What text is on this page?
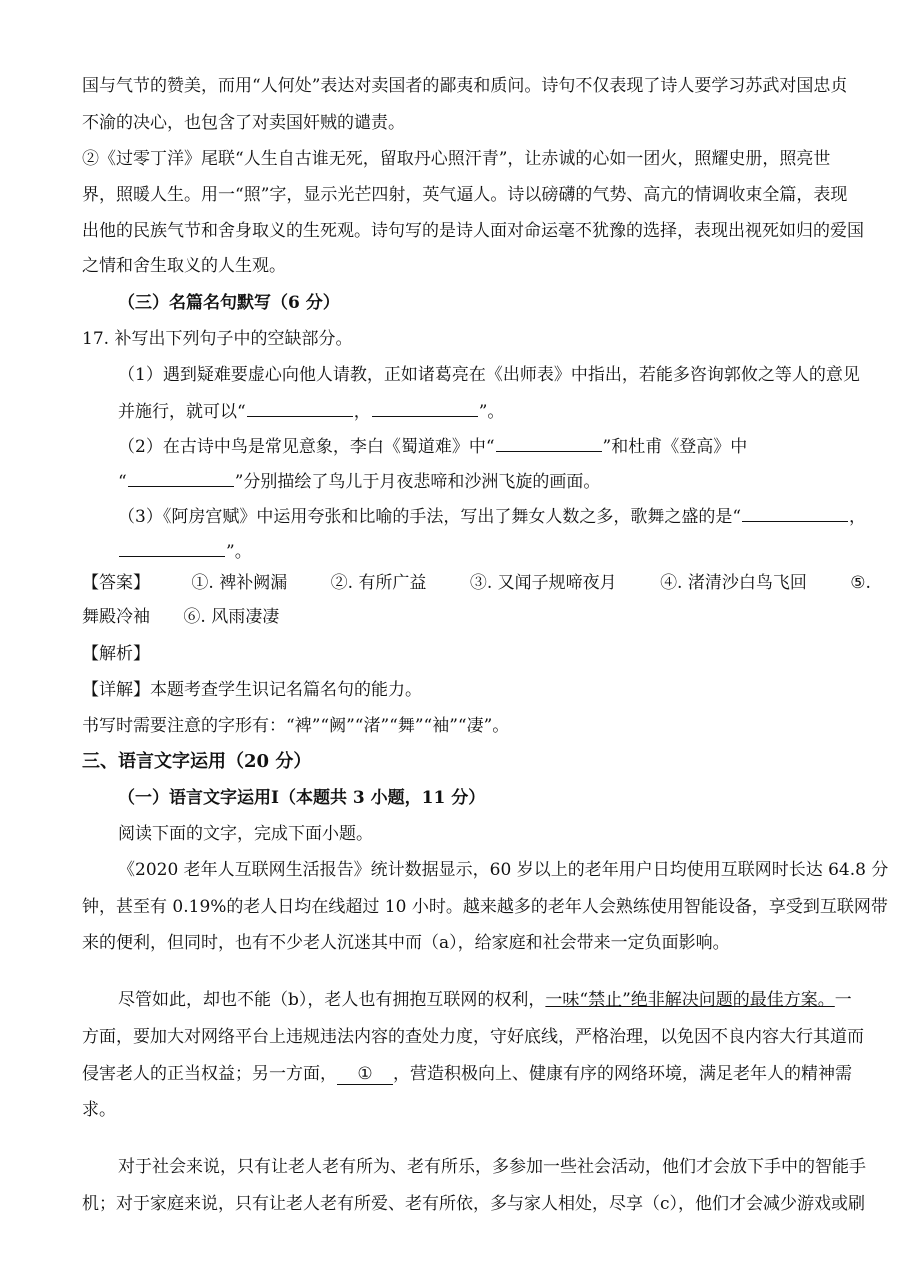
国与气节的赞美，而用“人何处”表达对卖国者的鄙夷和质问。诗句不仅表现了诗人要学习苏武对国忠贞
不渝的决心，也包含了对卖国奸贼的谴责。
②《过零丁洋》尾联“人生自古谁无死，留取丹心照汗青”，让赤诚的心如一团火，照耀史册，照亮世
界，照暖人生。用一“照”字，显示光芒四射，英气逼人。诗以磅礴的气势、高亢的情调收束全篇，表现
出他的民族气节和舍身取义的生死观。诗句写的是诗人面对命运毫不犹豫的选择，表现出视死如归的爱国
之情和舍生取义的人生观。
（三）名篇名句默写（6 分）
17. 补写出下列句子中的空缺部分。
（1）遇到疑难要虚心向他人请教，正如诸葛亮在《出师表》中指出，若能多咨询郭攸之等人的意见
并施行，就可以“	，	”。
（2）在古诗中鸟是常见意象，李白《蜀道难》中“	”和杜甫《登高》中
“	”分别描绘了鸟儿于月夜悲啼和沙洲飞旋的画面。
（3）《阿房宫赋》中运用夸张和比喻的手法，写出了舞女人数之多，歌舞之盛的是“	，
”。
【答案】 ①. 裨补阙漏	②. 有所广益	③. 又闻子规啼夜月	④. 渚清沙白鸟飞回	⑤.
舞殿冷袖 ⑥. 风雨凄凄
【解析】
【详解】本题考查学生识记名篇名句的能力。
书写时需要注意的字形有：“裨”“阙”“渚”“舞”“袖”“凄”。
三、语言文字运用（20 分）
（一）语言文字运用Ⅰ（本题共 3 小题，11 分）
阅读下面的文字，完成下面小题。
《2020 老年人互联网生活报告》统计数据显示，60 岁以上的老年用户日均使用互联网时长达 64.8 分
钟，甚至有 0.19%的老人日均在线超过 10 小时。越来越多的老年人会熟练使用智能设备，享受到互联网带
来的便利，但同时，也有不少老人沉迷其中而（a），给家庭和社会带来一定负面影响。
尽管如此，却也不能（b），老人也有拥抱互联网的权利，一味“禁止”绝非解决问题的最佳方案。一
方面，要加大对网络平台上违规违法内容的查处力度，守好底线，严格治理，以免因不良内容大行其道而
侵害老人的正当权益；另一方面， ① ，营造积极向上、健康有序的网络环境，满足老年人的精神需
求。
对于社会来说，只有让老人老有所为、老有所乐，多参加一些社会活动，他们才会放下手中的智能手
机；对于家庭来说，只有让老人老有所爱、老有所依，多与家人相处，尽享（c），他们才会减少游戏或刷
